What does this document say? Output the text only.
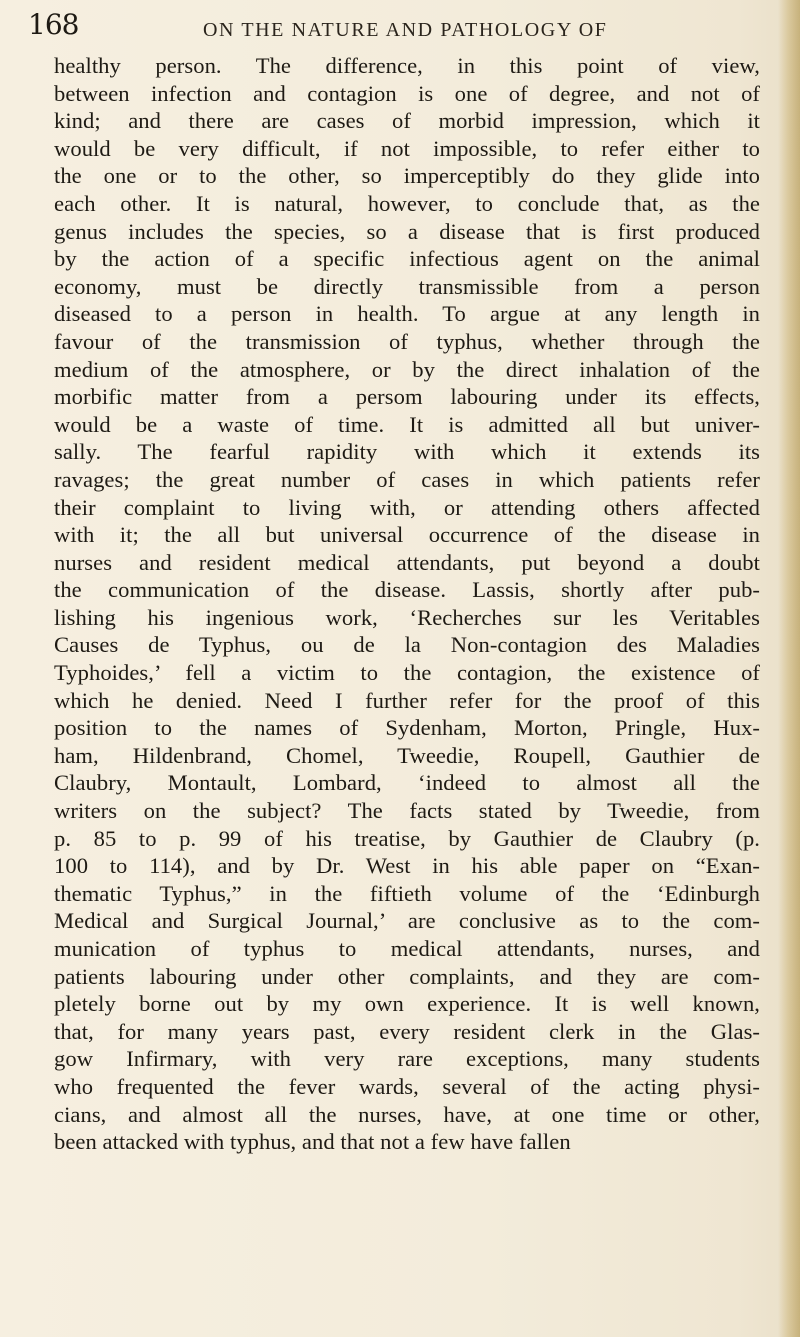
168	ON THE NATURE AND PATHOLOGY OF
healthy person. The difference, in this point of view,
between infection and contagion is one of degree, and not of
kind; and there are cases of morbid impression, which it
would be very difficult, if not impossible, to refer either to
the one or to the other, so imperceptibly do they glide into
each other. It is natural, however, to conclude that, as the
genus includes the species, so a disease that is first produced
by the action of a specific infectious agent on the animal
economy, must be directly transmissible from a person
diseased to a person in health. To argue at any length in
favour of the transmission of typhus, whether through the
medium of the atmosphere, or by the direct inhalation of the
morbific matter from a persom labouring under its effects,
would be a waste of time. It is admitted all but univer-
sally. The fearful rapidity with which it extends its
ravages; the great number of cases in which patients refer
their complaint to living with, or attending others affected
with it; the all but universal occurrence of the disease in
nurses and resident medical attendants, put beyond a doubt
the communication of the disease. Lassis, shortly after pub-
lishing his ingenious work, ‘Recherches sur les Veritables
Causes de Typhus, ou de la Non-contagion des Maladies
Typhoides,’ fell a victim to the contagion, the existence of
which he denied. Need I further refer for the proof of this
position to the names of Sydenham, Morton, Pringle, Hux-
ham, Hildenbrand, Chomel, Tweedie, Roupell, Gauthier de
Claubry, Montault, Lombard, ‘indeed to almost all the
writers on the subject? The facts stated by Tweedie, from
p. 85 to p. 99 of his treatise, by Gauthier de Claubry (p.
100 to 114), and by Dr. West in his able paper on “Exan-
thematic Typhus,” in the fiftieth volume of the ‘Edinburgh
Medical and Surgical Journal,’ are conclusive as to the com-
munication of typhus to medical attendants, nurses, and
patients labouring under other complaints, and they are com-
pletely borne out by my own experience. It is well known,
that, for many years past, every resident clerk in the Glas-
gow Infirmary, with very rare exceptions, many students
who frequented the fever wards, several of the acting physi-
cians, and almost all the nurses, have, at one time or other,
been attacked with typhus, and that not a few have fallen
